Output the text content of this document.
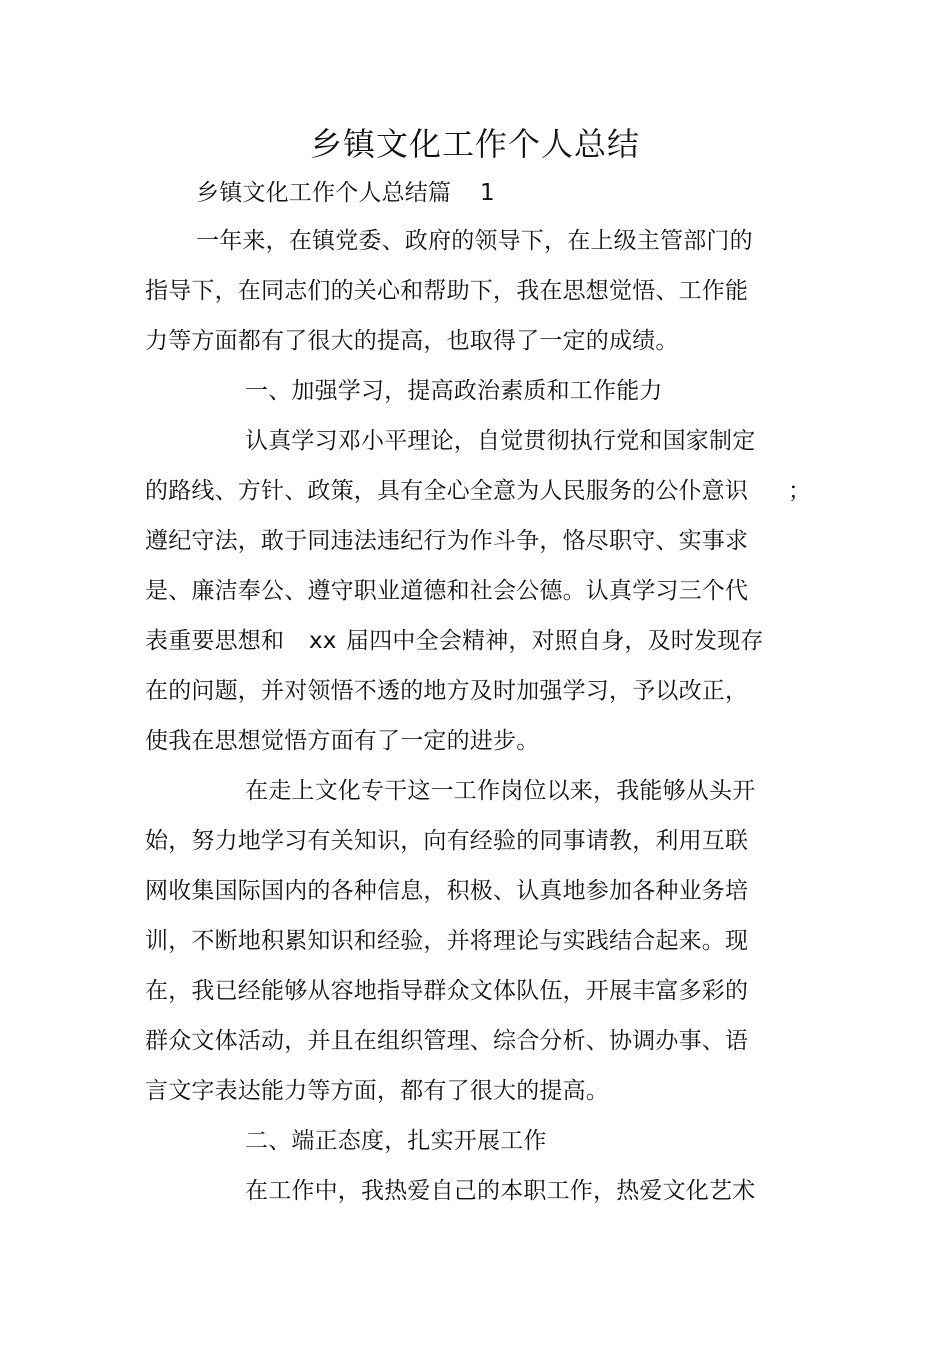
乡镇文化工作个人总结
乡镇文化工作个人总结篇 1
一年来，在镇党委、政府的领导下，在上级主管部门的
指导下，在同志们的关心和帮助下，我在思想觉悟、工作能
力等方面都有了很大的提高，也取得了一定的成绩。
一、加强学习，提高政治素质和工作能力
认真学习邓小平理论，自觉贯彻执行党和国家制定
的路线、方针、政策，具有全心全意为人民服务的公仆意识 ；
遵纪守法，敢于同违法违纪行为作斗争，恪尽职守、实事求
是、廉洁奉公、遵守职业道德和社会公德。认真学习三个代
表重要思想和 xx 届四中全会精神，对照自身，及时发现存
在的问题，并对领悟不透的地方及时加强学习，予以改正，
使我在思想觉悟方面有了一定的进步。
在走上文化专干这一工作岗位以来，我能够从头开
始，努力地学习有关知识，向有经验的同事请教，利用互联
网收集国际国内的各种信息，积极、认真地参加各种业务培
训，不断地积累知识和经验，并将理论与实践结合起来。现
在，我已经能够从容地指导群众文体队伍，开展丰富多彩的
群众文体活动，并且在组织管理、综合分析、协调办事、语
言文字表达能力等方面，都有了很大的提高。
二、端正态度，扎实开展工作
在工作中，我热爱自己的本职工作，热爱文化艺术
